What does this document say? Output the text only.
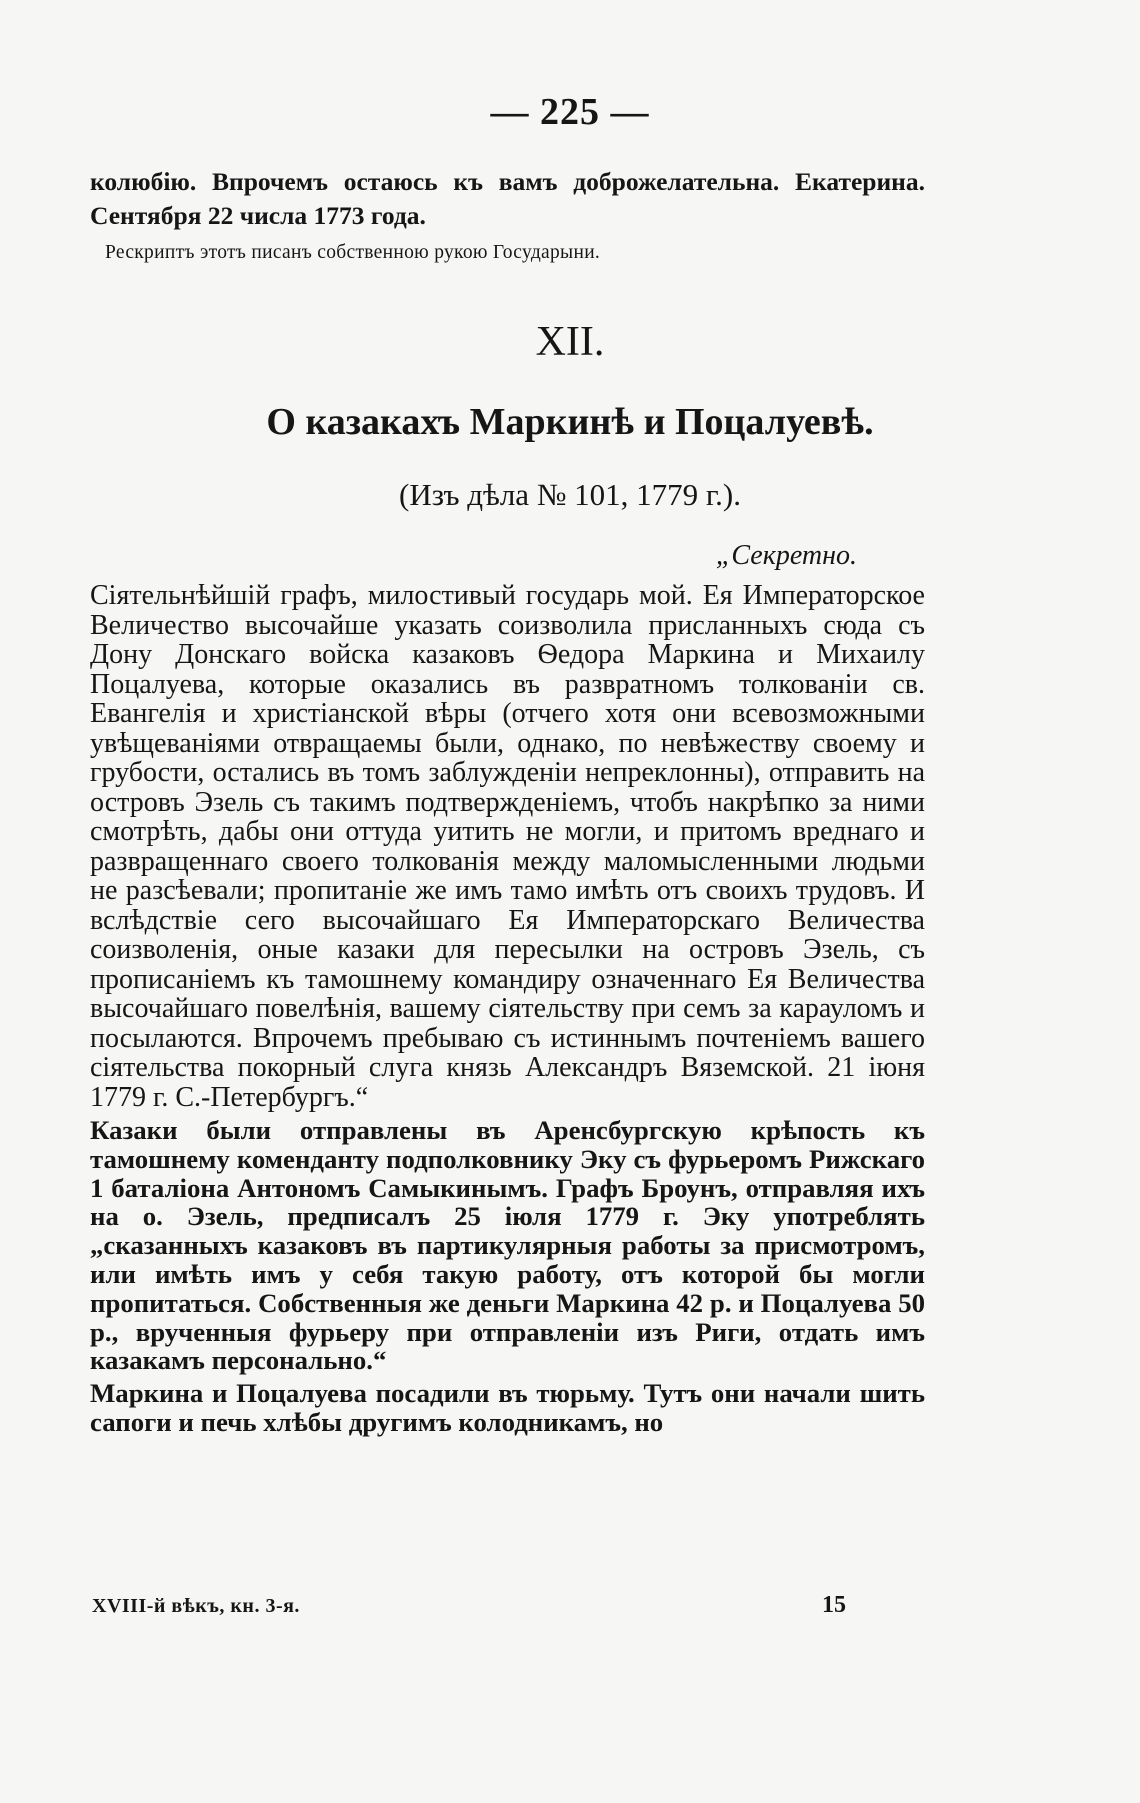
— 225 —
колюбію. Впрочемъ остаюсь къ вамъ доброжелательна. Екатерина. Сентября 22 числа 1773 года.
Рескриптъ этотъ писанъ собственною рукою Государыни.
XII.
О казакахъ Маркинѣ и Поцалуевѣ.
(Изъ дѣла № 101, 1779 г.).
„Секретно.

Сіятельнѣйшій графъ, милостивый государь мой. Ея Императорское Величество высочайше указать соизволила присланныхъ сюда съ Дону Донскаго войска казаковъ Ѳедора Маркина и Михаилу Поцалуева, которые оказались въ развратномъ толкованіи св. Евангелія и христіанской вѣры (отчего хотя они всевозможными увѣщеваніями отвращаемы были, однако, по невѣжеству своему и грубости, остались въ томъ заблужденіи непреклонны), отправить на островъ Эзель съ такимъ подтвержденіемъ, чтобъ накрѣпко за ними смотрѣть, дабы они оттуда уитить не могли, и притомъ вреднаго и развращеннаго своего толкованія между маломысленными людьми не разсѣевали; пропитаніе же имъ тамо имѣть отъ своихъ трудовъ. И вслѣдствіе сего высочайшаго Ея Императорскаго Величества соизволенія, оные казаки для пересылки на островъ Эзель, съ прописаніемъ къ тамошнему командиру означеннаго Ея Величества высочайшаго повелѣнія, вашему сіятельству при семъ за карауломъ и посылаются. Впрочемъ пребываю съ истиннымъ почтеніемъ вашего сіятельства покорный слуга князь Александръ Вяземской. 21 іюня 1779 г. С.-Петербургъ.“

Казаки были отправлены въ Аренсбургскую крѣпость къ тамошнему коменданту подполковнику Эку съ фурьеромъ Рижскаго 1 баталіона Антономъ Самыкинымъ. Графъ Броунъ, отправляя ихъ на о. Эзель, предписалъ 25 іюля 1779 г. Эку употреблять „сказанныхъ казаковъ въ партикулярныя работы за присмотромъ, или имѣть имъ у себя такую работу, отъ которой бы могли пропитаться. Собственныя же деньги Маркина 42 р. и Поцалуева 50 р., врученныя фурьеру при отправленіи изъ Риги, отдать имъ казакамъ персонально.“

Маркина и Поцалуева посадили въ тюрьму. Тутъ они начали шить сапоги и печь хлѣбы другимъ колодникамъ, но

XVIII-й вѣкъ, кн. 3-я.	15
